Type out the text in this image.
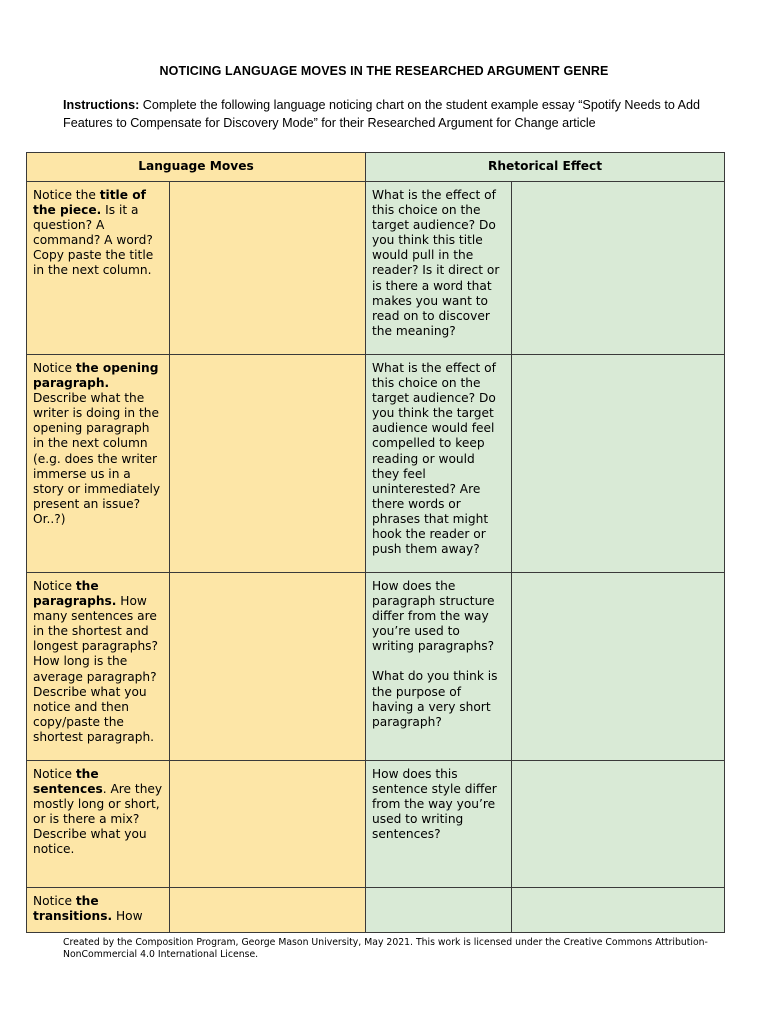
NOTICING LANGUAGE MOVES IN THE RESEARCHED ARGUMENT GENRE

Instructions: Complete the following language noticing chart on the student example essay “Spotify Needs to Add Features to Compensate for Discovery Mode” for their Researched Argument for Change article

Language Moves		Rhetorical Effect	
Notice the title of the piece. Is it a question? A command? A word? Copy paste the title in the next column.		What is the effect of this choice on the target audience? Do you think this title would pull in the reader? Is it direct or is there a word that makes you want to read on to discover the meaning?	

Notice the opening paragraph. Describe what the writer is doing in the opening paragraph in the next column (e.g. does the writer immerse us in a story or immediately present an issue? Or..?)		What is the effect of this choice on the target audience? Do you think the target audience would feel compelled to keep reading or would they feel uninterested? Are there words or phrases that might hook the reader or push them away?	

Notice the paragraphs. How many sentences are in the shortest and longest paragraphs? How long is the average paragraph? Describe what you notice and then copy/paste the shortest paragraph.		How does the paragraph structure differ from the way you’re used to writing paragraphs?
What do you think is the purpose of having a very short paragraph?	

Notice the sentences. Are they mostly long or short, or is there a mix? Describe what you notice.		How does this sentence style differ from the way you’re used to writing sentences?	

Notice the transitions. How			

Created by the Composition Program, George Mason University, May 2021. This work is licensed under the Creative Commons Attribution-NonCommercial 4.0 International License.
